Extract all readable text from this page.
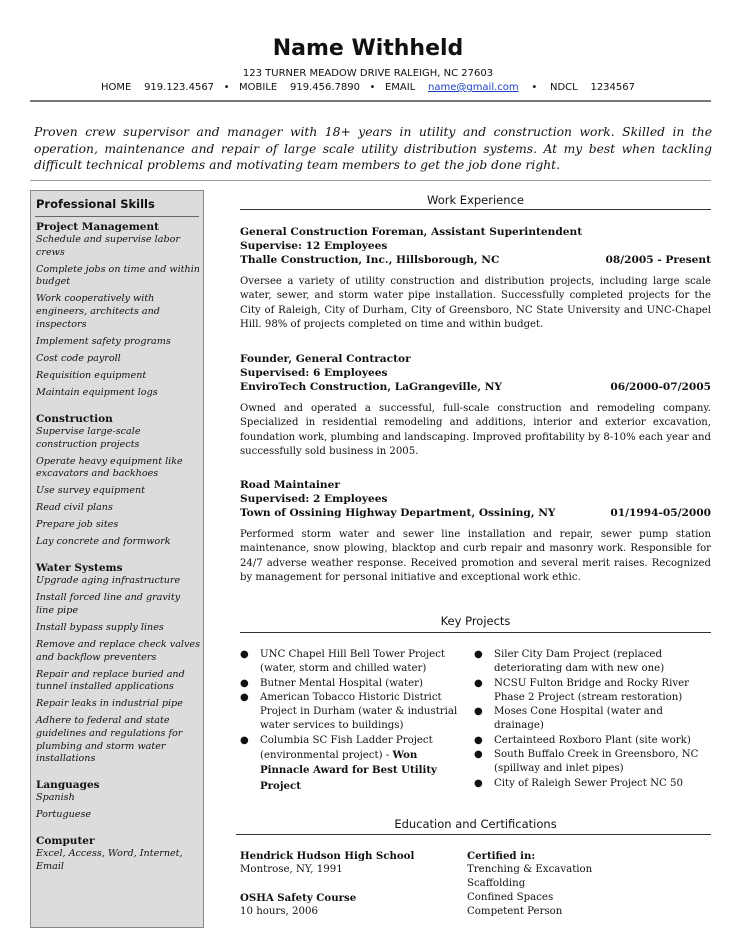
Name Withheld
123 TURNER MEADOW DRIVE RALEIGH, NC 27603
HOME 919.123.4567 • MOBILE 919.456.7890 • EMAIL name@gmail.com • NDCL 1234567
Proven crew supervisor and manager with 18+ years in utility and construction work. Skilled in the operation, maintenance and repair of large scale utility distribution systems. At my best when tackling difficult technical problems and motivating team members to get the job done right.
Professional Skills
Project Management
Schedule and supervise labor crews
Complete jobs on time and within budget
Work cooperatively with engineers, architects and inspectors
Implement safety programs
Cost code payroll
Requisition equipment
Maintain equipment logs
Construction
Supervise large-scale construction projects
Operate heavy equipment like excavators and backhoes
Use survey equipment
Read civil plans
Prepare job sites
Lay concrete and formwork
Water Systems
Upgrade aging infrastructure
Install forced line and gravity line pipe
Install bypass supply lines
Remove and replace check valves and backflow preventers
Repair and replace buried and tunnel installed applications
Repair leaks in industrial pipe
Adhere to federal and state guidelines and regulations for plumbing and storm water installations
Languages
Spanish
Portuguese
Computer
Excel, Access, Word, Internet, Email
Work Experience
General Construction Foreman, Assistant Superintendent
Supervise: 12 Employees
Thalle Construction, Inc., Hillsborough, NC	08/2005 - Present
Oversee a variety of utility construction and distribution projects, including large scale water, sewer, and storm water pipe installation. Successfully completed projects for the City of Raleigh, City of Durham, City of Greensboro, NC State University and UNC-Chapel Hill. 98% of projects completed on time and within budget.
Founder, General Contractor
Supervised: 6 Employees
EnviroTech Construction, LaGrangeville, NY	06/2000-07/2005
Owned and operated a successful, full-scale construction and remodeling company. Specialized in residential remodeling and additions, interior and exterior excavation, foundation work, plumbing and landscaping. Improved profitability by 8-10% each year and successfully sold business in 2005.
Road Maintainer
Supervised: 2 Employees
Town of Ossining Highway Department, Ossining, NY	01/1994-05/2000
Performed storm water and sewer line installation and repair, sewer pump station maintenance, snow plowing, blacktop and curb repair and masonry work. Responsible for 24/7 adverse weather response. Received promotion and several merit raises. Recognized by management for personal initiative and exceptional work ethic.
Key Projects
● UNC Chapel Hill Bell Tower Project (water, storm and chilled water)
● Butner Mental Hospital (water)
● American Tobacco Historic District Project in Durham (water & industrial water services to buildings)
● Columbia SC Fish Ladder Project (environmental project) - Won Pinnacle Award for Best Utility Project
● Siler City Dam Project (replaced deteriorating dam with new one)
● NCSU Fulton Bridge and Rocky River Phase 2 Project (stream restoration)
● Moses Cone Hospital (water and drainage)
● Certainteed Roxboro Plant (site work)
● South Buffalo Creek in Greensboro, NC (spillway and inlet pipes)
● City of Raleigh Sewer Project NC 50
Education and Certifications
Hendrick Hudson High School
Montrose, NY, 1991
OSHA Safety Course
10 hours, 2006
Certified in:
Trenching & Excavation
Scaffolding
Confined Spaces
Competent Person
